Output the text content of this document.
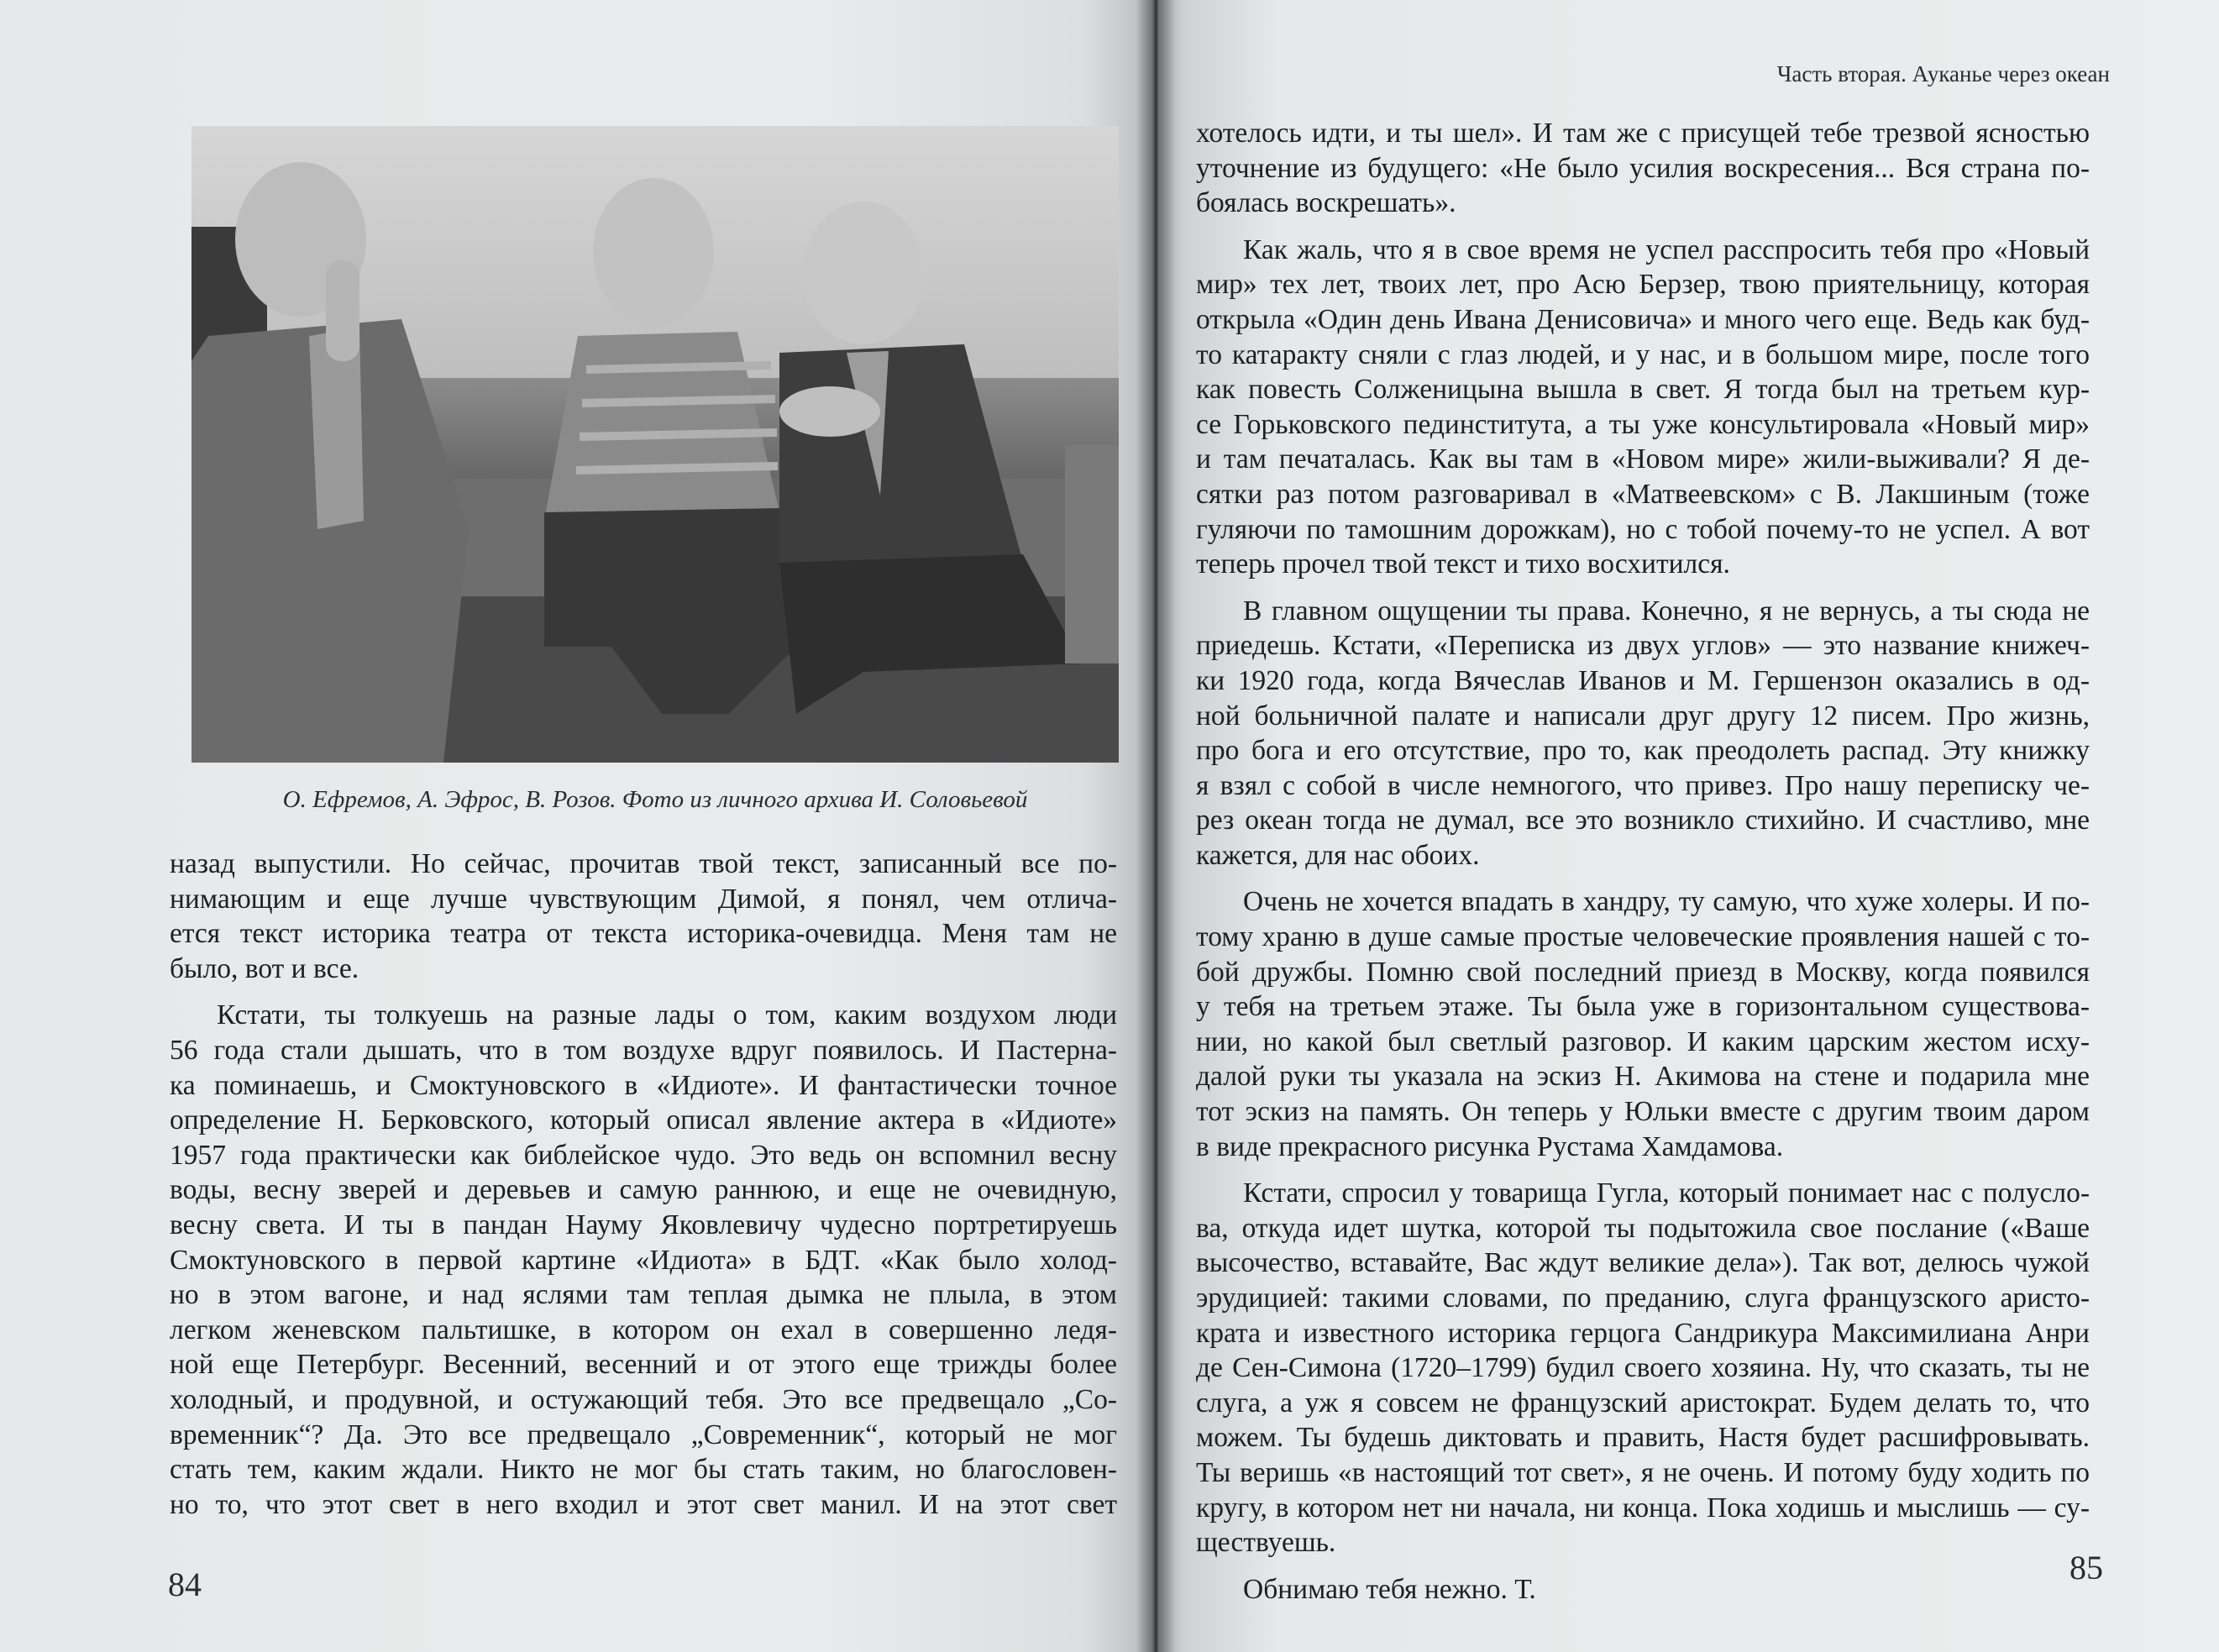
О. Ефремов, А. Эфрос, В. Розов. Фото из личного архива И. Соловьевой
назад выпустили. Но сейчас, прочитав твой текст, записанный все по-
нимающим и еще лучше чувствующим Димой, я понял, чем отлича-
ется текст историка театра от текста историка-очевидца. Меня там не
было, вот и все.
Кстати, ты толкуешь на разные лады о том, каким воздухом люди
56 года стали дышать, что в том воздухе вдруг появилось. И Пастерна-
ка поминаешь, и Смоктуновского в «Идиоте». И фантастически точное
определение Н. Берковского, который описал явление актера в «Идиоте»
1957 года практически как библейское чудо. Это ведь он вспомнил весну
воды, весну зверей и деревьев и самую раннюю, и еще не очевидную,
весну света. И ты в пандан Науму Яковлевичу чудесно портретируешь
Смоктуновского в первой картине «Идиота» в БДТ. «Как было холод-
но в этом вагоне, и над яслями там теплая дымка не плыла, в этом
легком женевском пальтишке, в котором он ехал в совершенно ледя-
ной еще Петербург. Весенний, весенний и от этого еще трижды более
холодный, и продувной, и остужающий тебя. Это все предвещало „Со-
временник“? Да. Это все предвещало „Современник“, который не мог
стать тем, каким ждали. Никто не мог бы стать таким, но благословен-
но то, что этот свет в него входил и этот свет манил. И на этот свет
84
Часть вторая. Ауканье через океан
хотелось идти, и ты шел». И там же с присущей тебе трезвой ясностью
уточнение из будущего: «Не было усилия воскресения... Вся страна по-
боялась воскрешать».
Как жаль, что я в свое время не успел расспросить тебя про «Новый
мир» тех лет, твоих лет, про Асю Берзер, твою приятельницу, которая
открыла «Один день Ивана Денисовича» и много чего еще. Ведь как буд-
то катаракту сняли с глаз людей, и у нас, и в большом мире, после того
как повесть Солженицына вышла в свет. Я тогда был на третьем кур-
се Горьковского пединститута, а ты уже консультировала «Новый мир»
и там печаталась. Как вы там в «Новом мире» жили-выживали? Я де-
сятки раз потом разговаривал в «Матвеевском» с В. Лакшиным (тоже
гуляючи по тамошним дорожкам), но с тобой почему-то не успел. А вот
теперь прочел твой текст и тихо восхитился.
В главном ощущении ты права. Конечно, я не вернусь, а ты сюда не
приедешь. Кстати, «Переписка из двух углов» — это название книжеч-
ки 1920 года, когда Вячеслав Иванов и М. Гершензон оказались в од-
ной больничной палате и написали друг другу 12 писем. Про жизнь,
про бога и его отсутствие, про то, как преодолеть распад. Эту книжку
я взял с собой в числе немногого, что привез. Про нашу переписку че-
рез океан тогда не думал, все это возникло стихийно. И счастливо, мне
кажется, для нас обоих.
Очень не хочется впадать в хандру, ту самую, что хуже холеры. И по-
тому храню в душе самые простые человеческие проявления нашей с то-
бой дружбы. Помню свой последний приезд в Москву, когда появился
у тебя на третьем этаже. Ты была уже в горизонтальном существова-
нии, но какой был светлый разговор. И каким царским жестом исху-
далой руки ты указала на эскиз Н. Акимова на стене и подарила мне
тот эскиз на память. Он теперь у Юльки вместе с другим твоим даром
в виде прекрасного рисунка Рустама Хамдамова.
Кстати, спросил у товарища Гугла, который понимает нас с полусло-
ва, откуда идет шутка, которой ты подытожила свое послание («Ваше
высочество, вставайте, Вас ждут великие дела»). Так вот, делюсь чужой
эрудицией: такими словами, по преданию, слуга французского аристо-
крата и известного историка герцога Сандрикура Максимилиана Анри
де Сен-Симона (1720–1799) будил своего хозяина. Ну, что сказать, ты не
слуга, а уж я совсем не французский аристократ. Будем делать то, что
можем. Ты будешь диктовать и править, Настя будет расшифровывать.
Ты веришь «в настоящий тот свет», я не очень. И потому буду ходить по
кругу, в котором нет ни начала, ни конца. Пока ходишь и мыслишь — су-
ществуешь.
Обнимаю тебя нежно. Т.
85
